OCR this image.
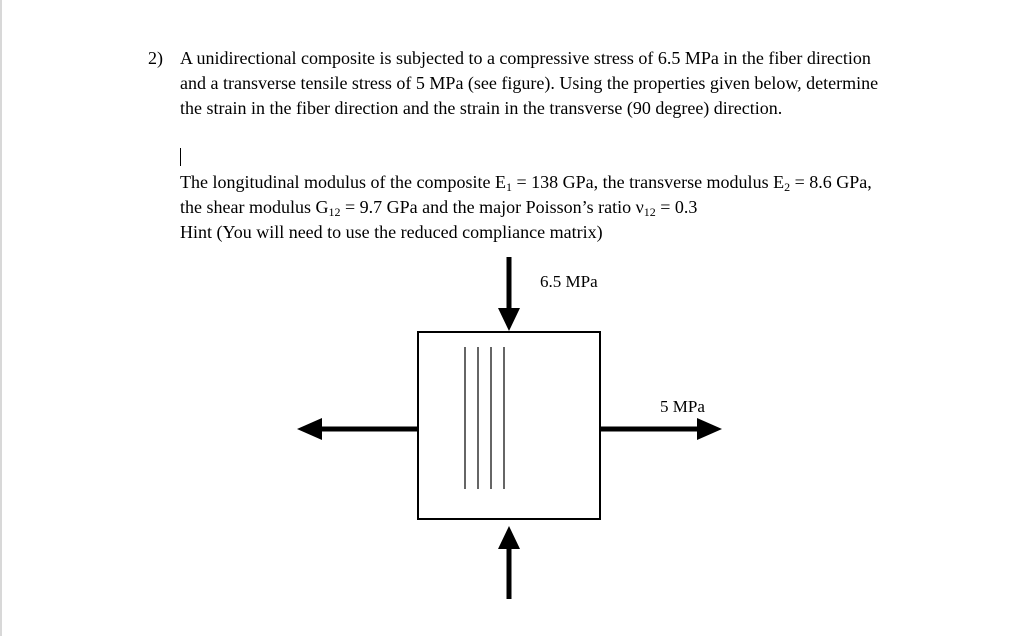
2) A unidirectional composite is subjected to a compressive stress of 6.5 MPa in the fiber direction and a transverse tensile stress of 5 MPa (see figure). Using the properties given below, determine the strain in the fiber direction and the strain in the transverse (90 degree) direction.

The longitudinal modulus of the composite $E_1 = 138$ GPa, the transverse modulus $E_2 = 8.6$ GPa, the shear modulus $G_{12} = 9.7$ GPa and the major Poisson’s ratio $\nu_{12} = 0.3$
Hint (You will need to use the reduced compliance matrix)

6.5 MPa
5 MPa
